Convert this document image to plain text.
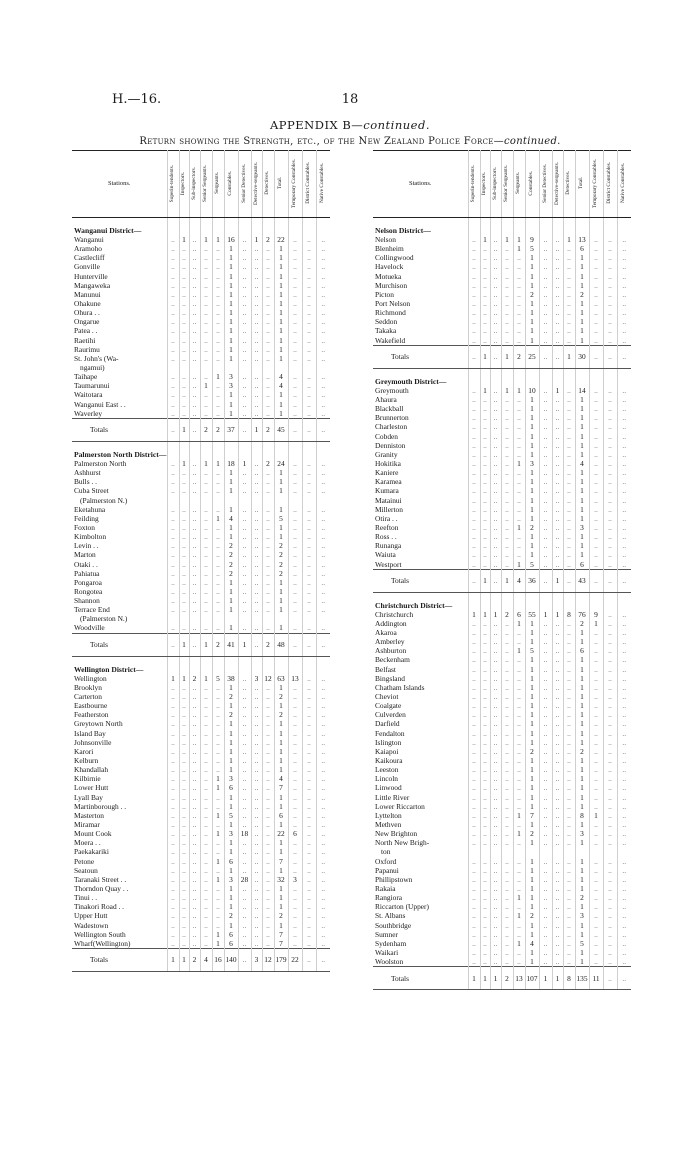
H.—16.	18
APPENDIX B—continued.
Return showing the Strength, etc., of the New Zealand Police Force—continued.
Stations.	Superin-tendents.	Inspectors.	Sub-inspectors.	Senior Sergeants.	Sergeants.	Constables.	Senior Detectives.	Detective-sergeants.	Detectives.	Total.	Temporary Constables.	District Constables.	Native Constables.

Wanganui District—													
Wanganui	..	1	..	1	1	16	..	1	2	22	..	..	..
Aramoho	..	..	..	..	..	1	..	..	..	1	..	..	..
Castlecliff	..	..	..	..	..	1	..	..	..	1	..	..	..
Gonville	..	..	..	..	..	1	..	..	..	1	..	..	..
Hunterville	..	..	..	..	..	1	..	..	..	1	..	..	..
Mangaweka	..	..	..	..	..	1	..	..	..	1	..	..	..
Manunui	..	..	..	..	..	1	..	..	..	1	..	..	..
Ohakune	..	..	..	..	..	1	..	..	..	1	..	..	..
Ohura . .	..	..	..	..	..	1	..	..	..	1	..	..	..
Ongarue	..	..	..	..	..	1	..	..	..	1	..	..	..
Patea . .	..	..	..	..	..	1	..	..	..	1	..	..	..
Raetihi	..	..	..	..	..	1	..	..	..	1	..	..	..
Raurimu	..	..	..	..	..	1	..	..	..	1	..	..	..
St. John's (Wa-	..	..	..	..	..	1	..	..	..	1	..	..	..
ngamui)													
Taihape	..	..	..	..	1	3	..	..	..	4	..	..	..
Taumarunui	..	..	..	1	..	3	..	..	..	4	..	..	..
Waitotara	..	..	..	..	..	1	..	..	..	1	..	..	..
Wanganui East . .	..	..	..	..	..	1	..	..	..	1	..	..	..
Waverley	..	..	..	..	..	1	..	..	..	1	..	..	..
Totals	..	1	..	2	2	37	..	1	2	45	..	..	..

Palmerston North District—													
Palmerston North	..	1	..	1	1	18	1	..	2	24	..	..	..
Ashhurst	..	..	..	..	..	1	..	..	..	1	..	..	..
Bulls . .	..	..	..	..	..	1	..	..	..	1	..	..	..
Cuba Street	..	..	..	..	..	1	..	..	..	1	..	..	..
(Palmerston N.)													
Eketahuna	..	..	..	..	..	1	..	..	..	1	..	..	..
Feilding	..	..	..	..	1	4	..	..	..	5	..	..	..
Foxton	..	..	..	..	..	1	..	..	..	1	..	..	..
Kimbolton	..	..	..	..	..	1	..	..	..	1	..	..	..
Levin . .	..	..	..	..	..	2	..	..	..	2	..	..	..
Marton	..	..	..	..	..	2	..	..	..	2	..	..	..
Otaki . .	..	..	..	..	..	2	..	..	..	2	..	..	..
Pahiatua	..	..	..	..	..	2	..	..	..	2	..	..	..
Pongaroa	..	..	..	..	..	1	..	..	..	1	..	..	..
Rongotea	..	..	..	..	..	1	..	..	..	1	..	..	..
Shannon	..	..	..	..	..	1	..	..	..	1	..	..	..
Terrace End	..	..	..	..	..	1	..	..	..	1	..	..	..
(Palmerston N.)													
Woodville	..	..	..	..	..	1	..	..	..	1	..	..	..
Totals	..	1	..	1	2	41	1	..	2	48	..	..	..

Wellington District—													
Wellington	1	1	2	1	5	38	..	3	12	63	13	..	..
Brooklyn	..	..	..	..	..	1	..	..	..	1	..	..	..
Carterton	..	..	..	..	..	2	..	..	..	2	..	..	..
Eastbourne	..	..	..	..	..	1	..	..	..	1	..	..	..
Featherston	..	..	..	..	..	2	..	..	..	2	..	..	..
Greytown North	..	..	..	..	..	1	..	..	..	1	..	..	..
Island Bay	..	..	..	..	..	1	..	..	..	1	..	..	..
Johnsonville	..	..	..	..	..	1	..	..	..	1	..	..	..
Karori	..	..	..	..	..	1	..	..	..	1	..	..	..
Kelburn	..	..	..	..	..	1	..	..	..	1	..	..	..
Khandallah	..	..	..	..	..	1	..	..	..	1	..	..	..
Kilbirnie	..	..	..	..	1	3	..	..	..	4	..	..	..
Lower Hutt	..	..	..	..	1	6	..	..	..	7	..	..	..
Lyall Bay	..	..	..	..	..	1	..	..	..	1	..	..	..
Martinborough . .	..	..	..	..	..	1	..	..	..	1	..	..	..
Masterton	..	..	..	..	1	5	..	..	..	6	..	..	..
Miramar	..	..	..	..	..	1	..	..	..	1	..	..	..
Mount Cook	..	..	..	..	1	3	18	..	..	22	6	..	..
Moera . .	..	..	..	..	..	1	..	..	..	1	..	..	..
Paekakariki	..	..	..	..	..	1	..	..	..	1	..	..	..
Petone	..	..	..	..	1	6	..	..	..	7	..	..	..
Seatoun	..	..	..	..	..	1	..	..	..	1	..	..	..
Taranaki Street . .	..	..	..	..	1	3	28	..	..	32	3	..	..
Thorndon Quay . .	..	..	..	..	..	1	..	..	..	1	..	..	..
Tinui . .	..	..	..	..	..	1	..	..	..	1	..	..	..
Tinakori Road . .	..	..	..	..	..	1	..	..	..	1	..	..	..
Upper Hutt	..	..	..	..	..	2	..	..	..	2	..	..	..
Wadestown	..	..	..	..	..	1	..	..	..	1	..	..	..
Wellington South	..	..	..	..	1	6	..	..	..	7	..	..	..
Wharf(Wellington)	..	..	..	..	1	6	..	..	..	7	..	..	..
Totals	1	1	2	4	16	140	..	3	12	179	22	..	..
Stations.	Superin-tendents.	Inspectors.	Sub-inspectors.	Senior Sergeants.	Sergeants.	Constables.	Senior Detectives.	Detective-sergeants.	Detectives.	Total.	Temporary Constables.	District Constables.	Native Constables.

Nelson District—													
Nelson	..	1	..	1	1	9	..	..	1	13	..	..	..
Blenheim	..	..	..	..	1	5	..	..	..	6	..	..	..
Collingwood	..	..	..	..	..	1	..	..	..	1	..	..	..
Havelock	..	..	..	..	..	1	..	..	..	1	..	..	..
Motueka	..	..	..	..	..	1	..	..	..	1	..	..	..
Murchison	..	..	..	..	..	1	..	..	..	1	..	..	..
Picton	..	..	..	..	..	2	..	..	..	2	..	..	..
Port Nelson	..	..	..	..	..	1	..	..	..	1	..	..	..
Richmond	..	..	..	..	..	1	..	..	..	1	..	..	..
Seddon	..	..	..	..	..	1	..	..	..	1	..	..	..
Takaka	..	..	..	..	..	1	..	..	..	1	..	..	..
Wakefield	..	..	..	..	..	1	..	..	..	1	..	..	..
Totals	..	1	..	1	2	25	..	..	1	30	..	..	..

Greymouth District—													
Greymouth	..	1	..	1	1	10	..	1	..	14	..	..	..
Ahaura	..	..	..	..	..	1	..	..	..	1	..	..	..
Blackball	..	..	..	..	..	1	..	..	..	1	..	..	..
Brunnerton	..	..	..	..	..	1	..	..	..	1	..	..	..
Charleston	..	..	..	..	..	1	..	..	..	1	..	..	..
Cobden	..	..	..	..	..	1	..	..	..	1	..	..	..
Denniston	..	..	..	..	..	1	..	..	..	1	..	..	..
Granity	..	..	..	..	..	1	..	..	..	1	..	..	..
Hokitika	..	..	..	..	1	3	..	..	..	4	..	..	..
Kaniere	..	..	..	..	..	1	..	..	..	1	..	..	..
Karamea	..	..	..	..	..	1	..	..	..	1	..	..	..
Kumara	..	..	..	..	..	1	..	..	..	1	..	..	..
Matainui	..	..	..	..	..	1	..	..	..	1	..	..	..
Millerton	..	..	..	..	..	1	..	..	..	1	..	..	..
Otira . .	..	..	..	..	..	1	..	..	..	1	..	..	..
Reefton	..	..	..	..	1	2	..	..	..	3	..	..	..
Ross . .	..	..	..	..	..	1	..	..	..	1	..	..	..
Runanga	..	..	..	..	..	1	..	..	..	1	..	..	..
Waiuta	..	..	..	..	..	1	..	..	..	1	..	..	..
Westport	..	..	..	..	1	5	..	..	..	6	..	..	..
Totals	..	1	..	1	4	36	..	1	..	43	..	..	..

Christchurch District—													
Christchurch	1	1	1	2	6	55	1	1	8	76	9	..	..
Addington	..	..	..	..	1	1	..	..	..	2	1	..	..
Akaroa	..	..	..	..	..	1	..	..	..	1	..	..	..
Amberley	..	..	..	..	..	1	..	..	..	1	..	..	..
Ashburton	..	..	..	..	1	5	..	..	..	6	..	..	..
Beckenham	..	..	..	..	..	1	..	..	..	1	..	..	..
Belfast	..	..	..	..	..	1	..	..	..	1	..	..	..
Bingsland	..	..	..	..	..	1	..	..	..	1	..	..	..
Chatham Islands	..	..	..	..	..	1	..	..	..	1	..	..	..
Cheviot	..	..	..	..	..	1	..	..	..	1	..	..	..
Coalgate	..	..	..	..	..	1	..	..	..	1	..	..	..
Culverden	..	..	..	..	..	1	..	..	..	1	..	..	..
Darfield	..	..	..	..	..	1	..	..	..	1	..	..	..
Fendalton	..	..	..	..	..	1	..	..	..	1	..	..	..
Islington	..	..	..	..	..	1	..	..	..	1	..	..	..
Kaiapoi	..	..	..	..	..	2	..	..	..	2	..	..	..
Kaikoura	..	..	..	..	..	1	..	..	..	1	..	..	..
Leeston	..	..	..	..	..	1	..	..	..	1	..	..	..
Lincoln	..	..	..	..	..	1	..	..	..	1	..	..	..
Linwood	..	..	..	..	..	1	..	..	..	1	..	..	..
Little River	..	..	..	..	..	1	..	..	..	1	..	..	..
Lower Riccarton	..	..	..	..	..	1	..	..	..	1	..	..	..
Lyttelton	..	..	..	..	1	7	..	..	..	8	1	..	..
Methven	..	..	..	..	..	1	..	..	..	1	..	..	..
New Brighton	..	..	..	..	1	2	..	..	..	3	..	..	..
North New Brigh-	..	..	..	..	..	1	..	..	..	1	..	..	..
ton													
Oxford	..	..	..	..	..	1	..	..	..	1	..	..	..
Papanui	..	..	..	..	..	1	..	..	..	1	..	..	..
Phillipstown	..	..	..	..	..	1	..	..	..	1	..	..	..
Rakaia	..	..	..	..	..	1	..	..	..	1	..	..	..
Rangiora	..	..	..	..	1	1	..	..	..	2	..	..	..
Riccarton (Upper)	..	..	..	..	..	1	..	..	..	1	..	..	..
St. Albans	..	..	..	..	1	2	..	..	..	3	..	..	..
Southbridge	..	..	..	..	..	1	..	..	..	1	..	..	..
Sumner	..	..	..	..	..	1	..	..	..	1	..	..	..
Sydenham	..	..	..	..	1	4	..	..	..	5	..	..	..
Waikari	..	..	..	..	..	1	..	..	..	1	..	..	..
Woolston	..	..	..	..	..	1	..	..	..	1	..	..	..
Totals	1	1	1	2	13	107	1	1	8	135	11	..	..
